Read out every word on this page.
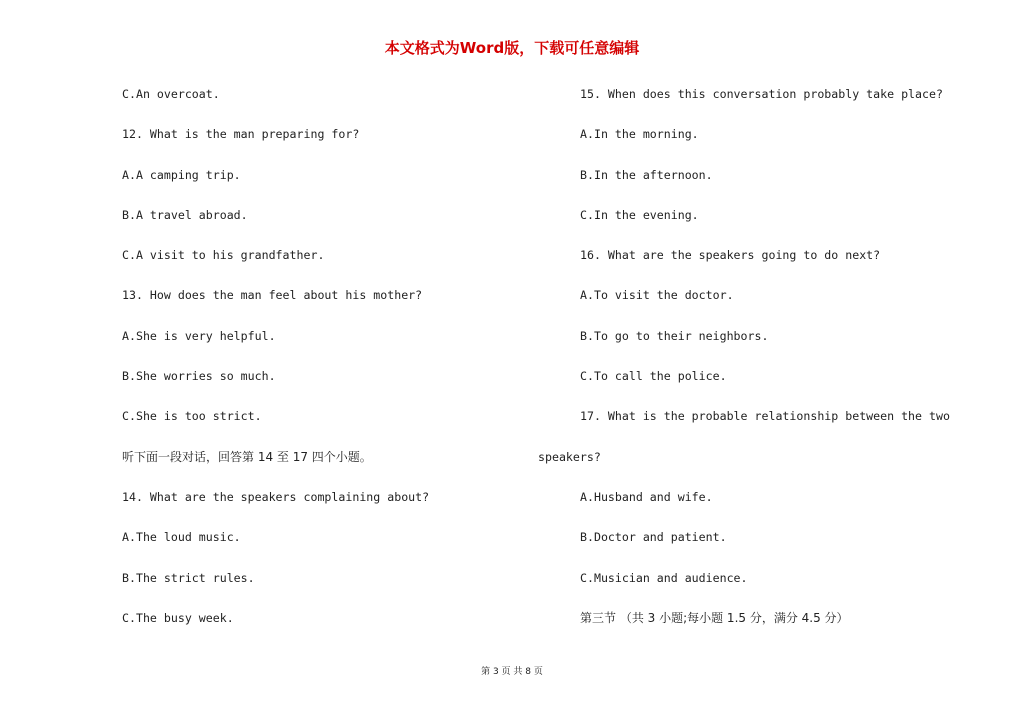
本文格式为Word版，下载可任意编辑
C.An overcoat.
12. What is the man preparing for?
A.A camping trip.
B.A travel abroad.
C.A visit to his grandfather.
13. How does the man feel about his mother?
A.She is very helpful.
B.She worries so much.
C.She is too strict.
听下面一段对话，回答第 14 至 17 四个小题。
14. What are the speakers complaining about?
A.The loud music.
B.The strict rules.
C.The busy week.
15. When does this conversation probably take place?
A.In the morning.
B.In the afternoon.
C.In the evening.
16. What are the speakers going to do next?
A.To visit the doctor.
B.To go to their neighbors.
C.To call the police.
17. What is the probable relationship between the two
speakers?
A.Husband and wife.
B.Doctor and patient.
C.Musician and audience.
第三节 （共 3 小题;每小题 1.5 分，满分 4.5 分）
第 3 页 共 8 页
